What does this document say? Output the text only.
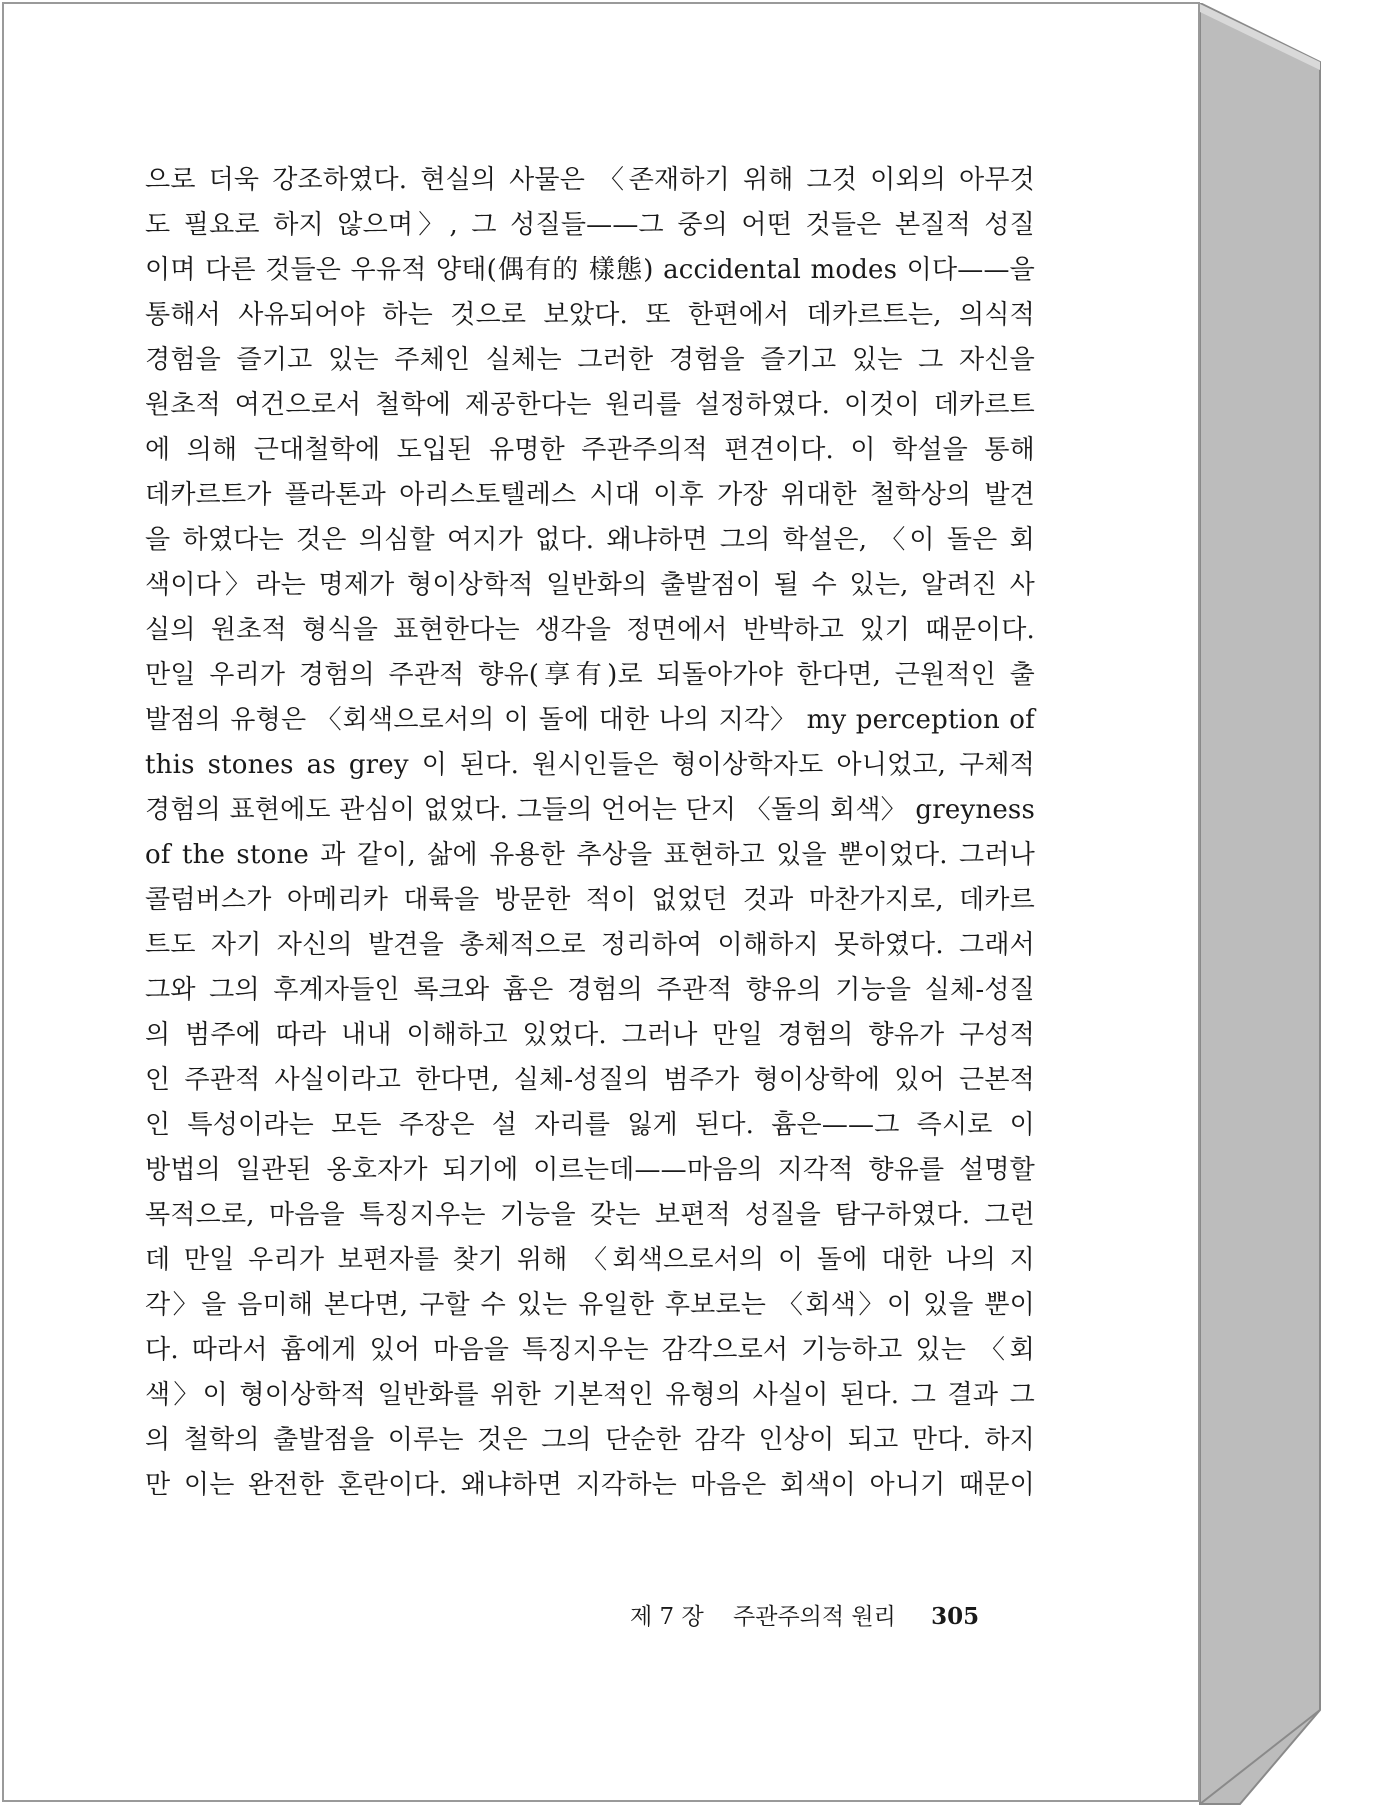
으로 더욱 강조하였다. 현실의 사물은 〈존재하기 위해 그것 이외의 아무것
도 필요로 하지 않으며〉, 그 성질들——그 중의 어떤 것들은 본질적 성질
이며 다른 것들은 우유적 양태(偶有的 樣態) accidental modes 이다——을
통해서 사유되어야 하는 것으로 보았다. 또 한편에서 데카르트는, 의식적
경험을 즐기고 있는 주체인 실체는 그러한 경험을 즐기고 있는 그 자신을
원초적 여건으로서 철학에 제공한다는 원리를 설정하였다. 이것이 데카르트
에 의해 근대철학에 도입된 유명한 주관주의적 편견이다. 이 학설을 통해
데카르트가 플라톤과 아리스토텔레스 시대 이후 가장 위대한 철학상의 발견
을 하였다는 것은 의심할 여지가 없다. 왜냐하면 그의 학설은, 〈이 돌은 회
색이다〉라는 명제가 형이상학적 일반화의 출발점이 될 수 있는, 알려진 사
실의 원초적 형식을 표현한다는 생각을 정면에서 반박하고 있기 때문이다.
만일 우리가 경험의 주관적 향유(享有)로 되돌아가야 한다면, 근원적인 출
발점의 유형은 〈회색으로서의 이 돌에 대한 나의 지각〉 my perception of
this stones as grey 이 된다. 원시인들은 형이상학자도 아니었고, 구체적
경험의 표현에도 관심이 없었다. 그들의 언어는 단지 〈돌의 회색〉 greyness
of the stone 과 같이, 삶에 유용한 추상을 표현하고 있을 뿐이었다. 그러나
콜럼버스가 아메리카 대륙을 방문한 적이 없었던 것과 마찬가지로, 데카르
트도 자기 자신의 발견을 총체적으로 정리하여 이해하지 못하였다. 그래서
그와 그의 후계자들인 록크와 흄은 경험의 주관적 향유의 기능을 실체-성질
의 범주에 따라 내내 이해하고 있었다. 그러나 만일 경험의 향유가 구성적
인 주관적 사실이라고 한다면, 실체-성질의 범주가 형이상학에 있어 근본적
인 특성이라는 모든 주장은 설 자리를 잃게 된다. 흄은——그 즉시로 이
방법의 일관된 옹호자가 되기에 이르는데——마음의 지각적 향유를 설명할
목적으로, 마음을 특징지우는 기능을 갖는 보편적 성질을 탐구하였다. 그런
데 만일 우리가 보편자를 찾기 위해 〈회색으로서의 이 돌에 대한 나의 지
각〉을 음미해 본다면, 구할 수 있는 유일한 후보로는 〈회색〉이 있을 뿐이
다. 따라서 흄에게 있어 마음을 특징지우는 감각으로서 기능하고 있는 〈회
색〉이 형이상학적 일반화를 위한 기본적인 유형의 사실이 된다. 그 결과 그
의 철학의 출발점을 이루는 것은 그의 단순한 감각 인상이 되고 만다. 하지
만 이는 완전한 혼란이다. 왜냐하면 지각하는 마음은 회색이 아니기 때문이
제 7 장 주관주의적 원리 305
